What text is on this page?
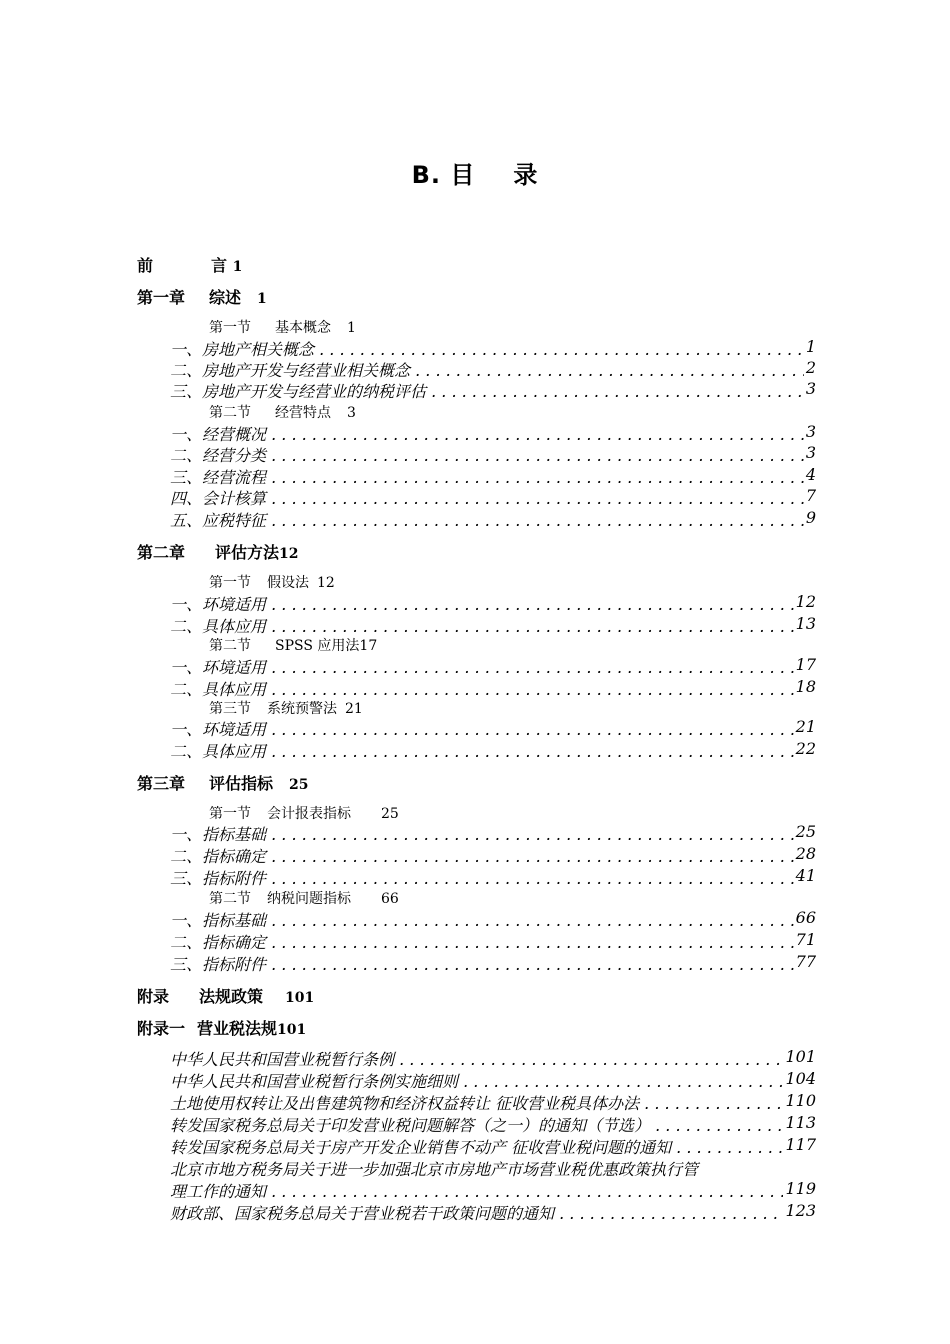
B. 目 录
前	言 1
第一章 综述 1
第一节 基本概念 1
一、房地产相关概念 . . .	1
二、房地产开发与经营业相关概念 . . .	2
三、房地产开发与经营业的纳税评估 . . .	3
第二节 经营特点 3
一、经营概况 . . .	3
二、经营分类 . . .	3
三、经营流程 . . .	4
四、会计核算 . . .	7
五、应税特征 . . .	9
第二章 评估方法12
第一节 假设法 12
一、环境适用 . . .	12
二、具体应用 . . .	13
第二节 SPSS 应用法17
一、环境适用 . . .	17
二、具体应用 . . .	18
第三节 系统预警法 21
一、环境适用 . . .	21
二、具体应用 . . .	22
第三章 评估指标 25
第一节 会计报表指标 25
一、指标基础 . . .	25
二、指标确定 . . .	28
三、指标附件 . . .	41
第二节 纳税问题指标 66
一、指标基础 . . .	66
二、指标确定 . . .	71
三、指标附件 . . .	77
附录 法规政策 101
附录一 营业税法规101
中华人民共和国营业税暂行条例 . . .	101
中华人民共和国营业税暂行条例实施细则 . . .	104
土地使用权转让及出售建筑物和经济权益转让 征收营业税具体办法 . . .	110
转发国家税务总局关于印发营业税问题解答（之一）的通知（节选） . . .	113
转发国家税务总局关于房产开发企业销售不动产 征收营业税问题的通知 . . .	117
北京市地方税务局关于进一步加强北京市房地产市场营业税优惠政策执行管
理工作的通知 . . .	119
财政部、国家税务总局关于营业税若干政策问题的通知 . . .	123
